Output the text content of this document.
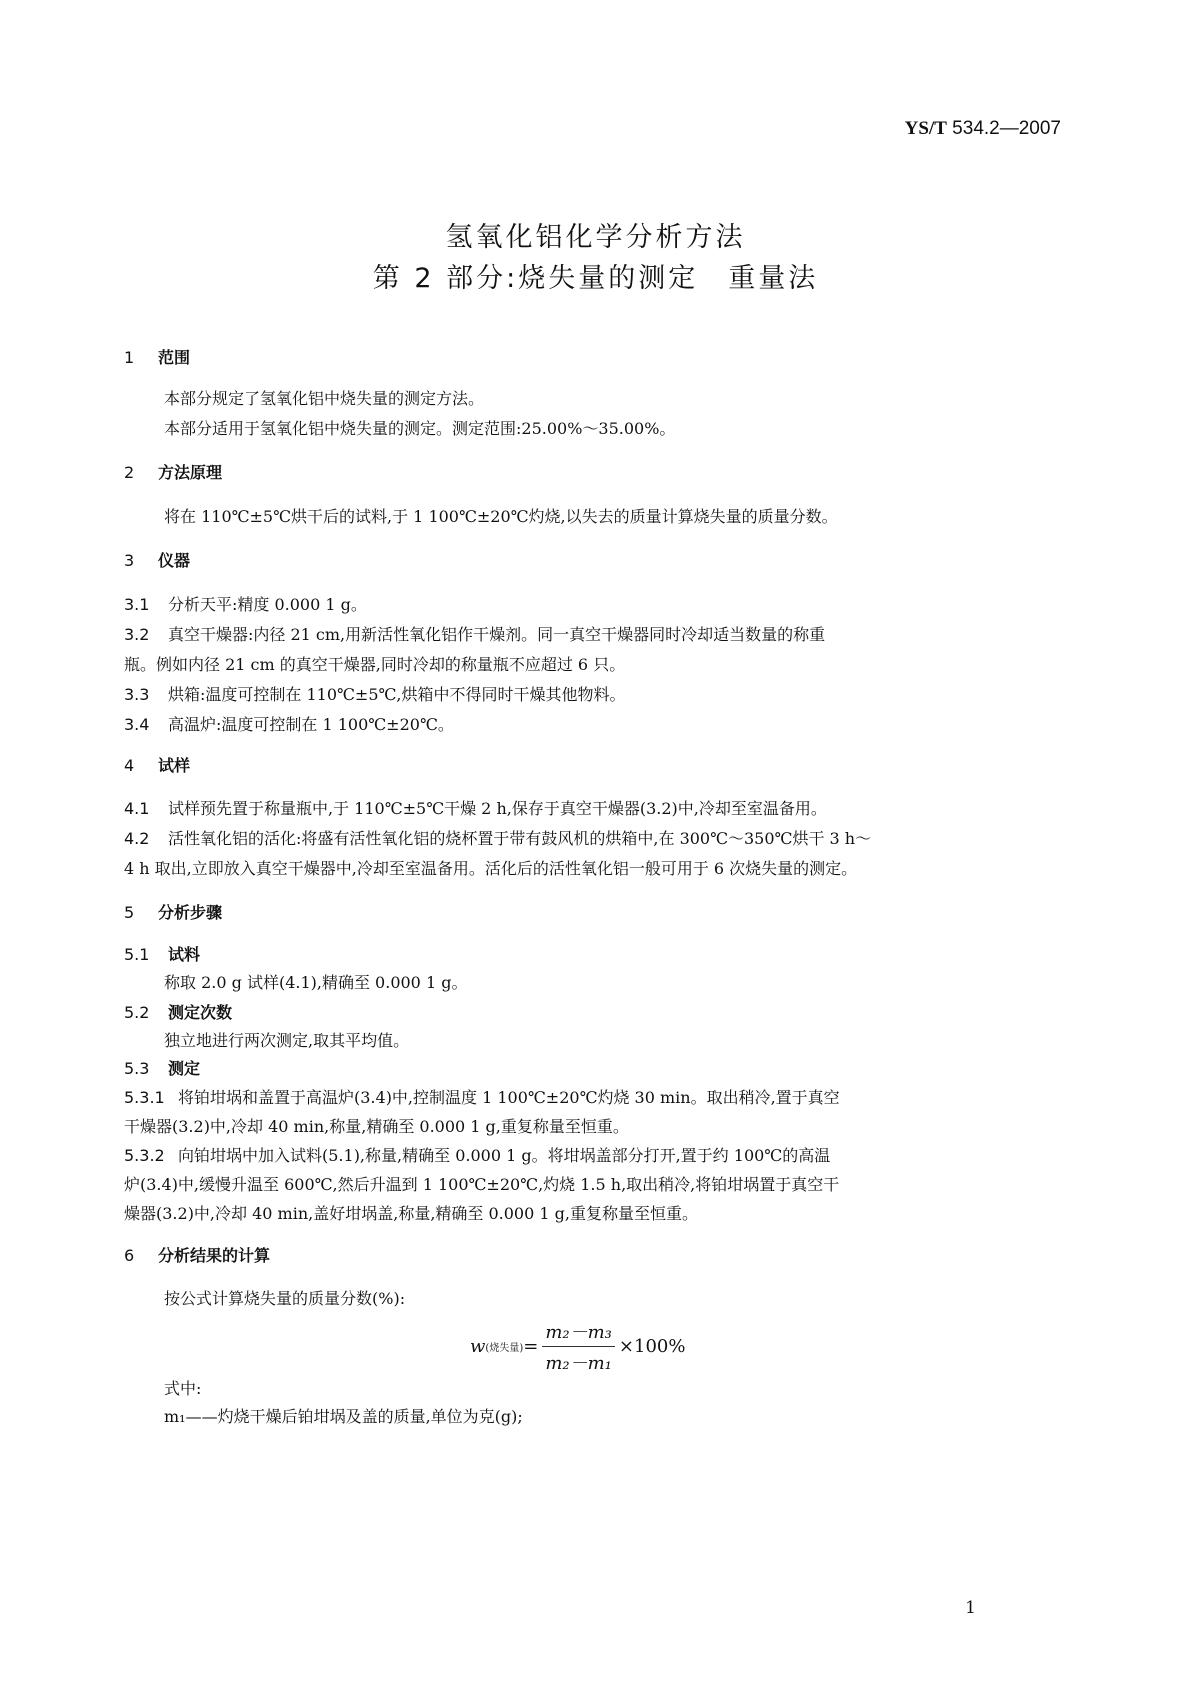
YS/T 534.2—2007
氢氧化铝化学分析方法
第 2 部分:烧失量的测定　重量法
1 范围
本部分规定了氢氧化铝中烧失量的测定方法。
本部分适用于氢氧化铝中烧失量的测定。测定范围:25.00%～35.00%。
2 方法原理
将在 110℃±5℃烘干后的试料,于 1 100℃±20℃灼烧,以失去的质量计算烧失量的质量分数。
3 仪器
3.1 分析天平:精度 0.000 1 g。
3.2 真空干燥器:内径 21 cm,用新活性氧化铝作干燥剂。同一真空干燥器同时冷却适当数量的称重
瓶。例如内径 21 cm 的真空干燥器,同时冷却的称量瓶不应超过 6 只。
3.3 烘箱:温度可控制在 110℃±5℃,烘箱中不得同时干燥其他物料。
3.4 高温炉:温度可控制在 1 100℃±20℃。
4 试样
4.1 试样预先置于称量瓶中,于 110℃±5℃干燥 2 h,保存于真空干燥器(3.2)中,冷却至室温备用。
4.2 活性氧化铝的活化:将盛有活性氧化铝的烧杯置于带有鼓风机的烘箱中,在 300℃～350℃烘干 3 h～
4 h 取出,立即放入真空干燥器中,冷却至室温备用。活化后的活性氧化铝一般可用于 6 次烧失量的测定。
5 分析步骤
5.1 试料
称取 2.0 g 试样(4.1),精确至 0.000 1 g。
5.2 测定次数
独立地进行两次测定,取其平均值。
5.3 测定
5.3.1 将铂坩埚和盖置于高温炉(3.4)中,控制温度 1 100℃±20℃灼烧 30 min。取出稍冷,置于真空
干燥器(3.2)中,冷却 40 min,称量,精确至 0.000 1 g,重复称量至恒重。
5.3.2 向铂坩埚中加入试料(5.1),称量,精确至 0.000 1 g。将坩埚盖部分打开,置于约 100℃的高温
炉(3.4)中,缓慢升温至 600℃,然后升温到 1 100℃±20℃,灼烧 1.5 h,取出稍冷,将铂坩埚置于真空干
燥器(3.2)中,冷却 40 min,盖好坩埚盖,称量,精确至 0.000 1 g,重复称量至恒重。
6 分析结果的计算
按公式计算烧失量的质量分数(%):
w (烧失量) = $\frac{\text{m₂－m₃}}{\text{m₂－m₁}} \times 100\%$
式中:
m₁——灼烧干燥后铂坩埚及盖的质量,单位为克(g);
1
